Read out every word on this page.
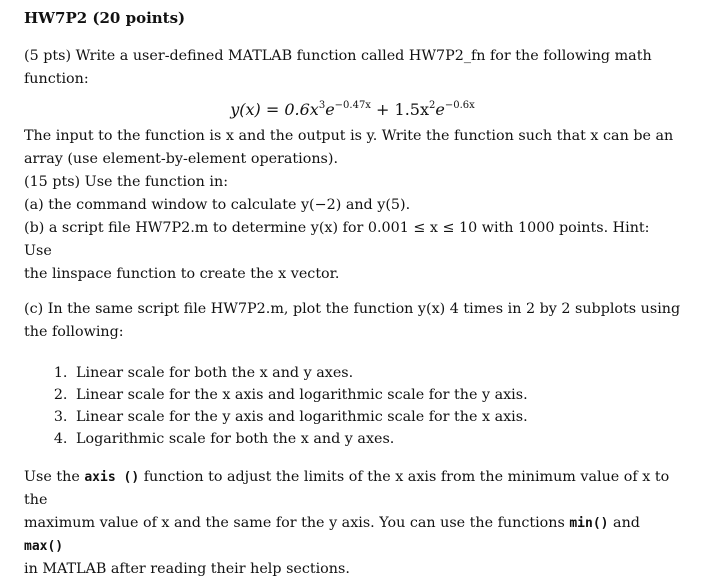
HW7P2 (20 points)

(5 pts) Write a user-defined MATLAB function called HW7P2_fn for the following math
function:

$y(x) = 0.6x^3e^{-0.47x} + 1.5x^2e^{-0.6x}$

The input to the function is x and the output is y. Write the function such that x can be an
array (use element-by-element operations).
(15 pts) Use the function in:
(a) the command window to calculate y(−2) and y(5).
(b) a script file HW7P2.m to determine y(x) for 0.001 ≤ x ≤ 10 with 1000 points. Hint: Use
the linspace function to create the x vector.

(c) In the same script file HW7P2.m, plot the function y(x) 4 times in 2 by 2 subplots using
the following:

1. Linear scale for both the x and y axes.
2. Linear scale for the x axis and logarithmic scale for the y axis.
3. Linear scale for the y axis and logarithmic scale for the x axis.
4. Logarithmic scale for both the x and y axes.

Use the axis () function to adjust the limits of the x axis from the minimum value of x to the
maximum value of x and the same for the y axis. You can use the functions min() and max()
in MATLAB after reading their help sections.
